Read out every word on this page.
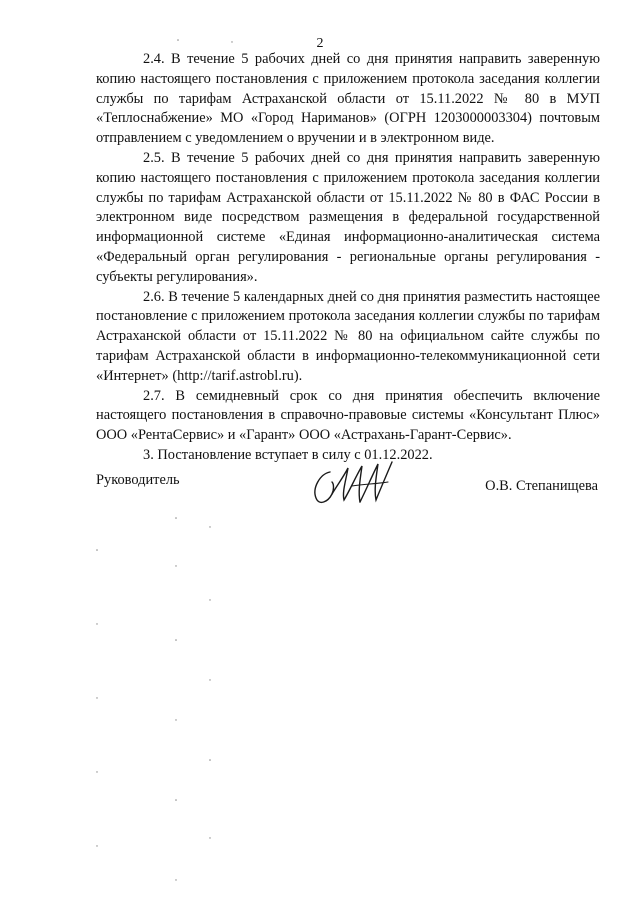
2

2.4. В течение 5 рабочих дней со дня принятия направить заверенную копию настоящего постановления с приложением протокола заседания коллегии службы по тарифам Астраханской области от 15.11.2022 № 80 в МУП «Теплоснабжение» МО «Город Нариманов» (ОГРН 1203000003304) почтовым отправлением с уведомлением о вручении и в электронном виде.

2.5. В течение 5 рабочих дней со дня принятия направить заверенную копию настоящего постановления с приложением протокола заседания коллегии службы по тарифам Астраханской области от 15.11.2022 № 80 в ФАС России в электронном виде посредством размещения в федеральной государственной информационной системе «Единая информационно-аналитическая система «Федеральный орган регулирования - региональные органы регулирования - субъекты регулирования».

2.6. В течение 5 календарных дней со дня принятия разместить настоящее постановление с приложением протокола заседания коллегии службы по тарифам Астраханской области от 15.11.2022 № 80 на официальном сайте службы по тарифам Астраханской области в информационно-телекоммуникационной сети «Интернет» (http://tarif.astrobl.ru).

2.7. В семидневный срок со дня принятия обеспечить включение настоящего постановления в справочно-правовые системы «Консультант Плюс» ООО «РентаСервис» и «Гарант» ООО «Астрахань-Гарант-Сервис».

3. Постановление вступает в силу с 01.12.2022.

Руководитель	О.В. Степанищева
